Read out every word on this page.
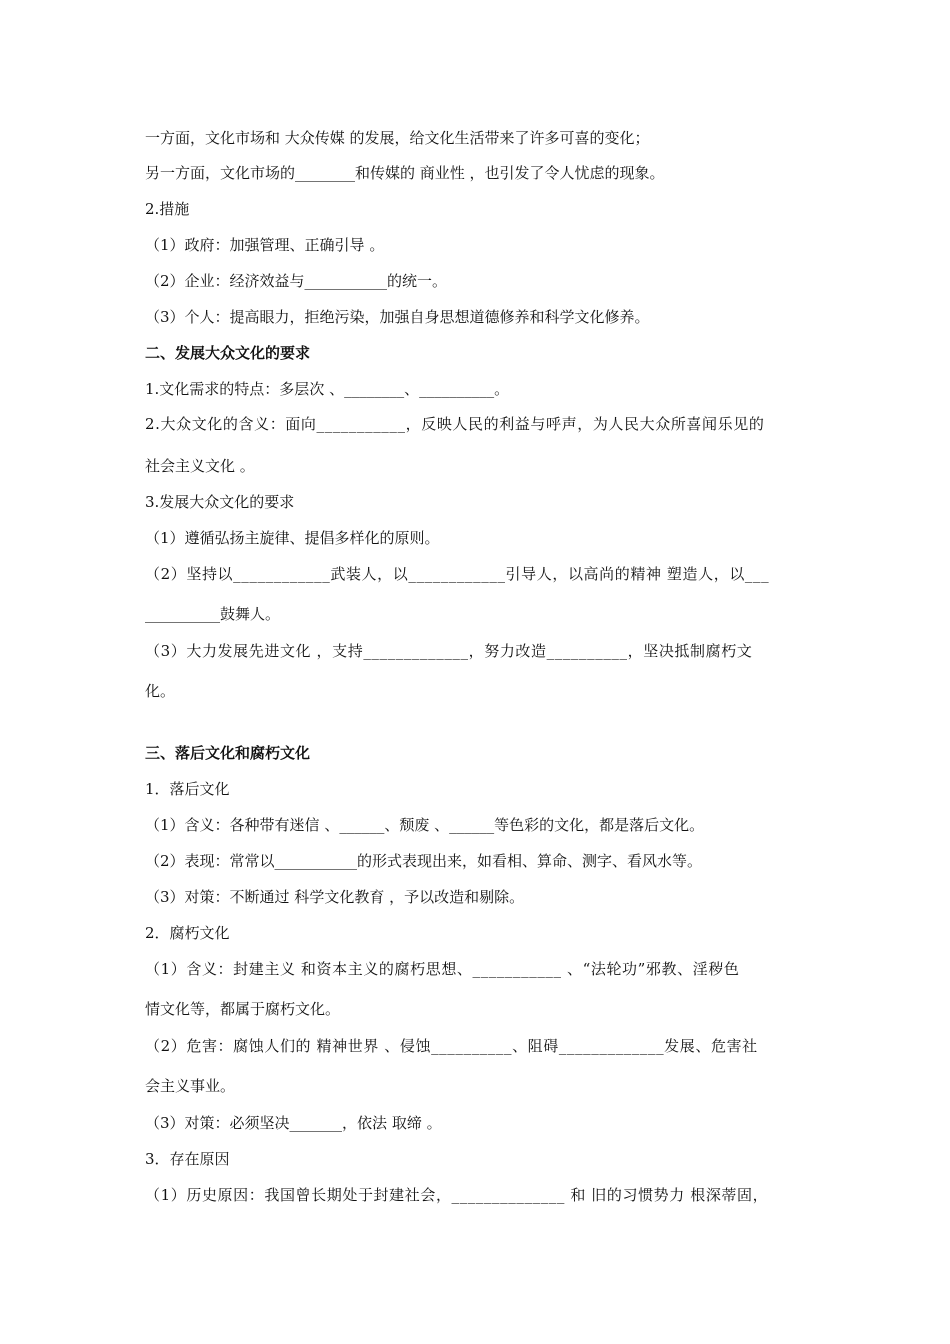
一方面，文化市场和 大众传媒 的发展，给文化生活带来了许多可喜的变化；
另一方面，文化市场的________和传媒的 商业性 ，也引发了令人忧虑的现象。
2.措施
（1）政府：加强管理、正确引导 。
（2）企业：经济效益与___________的统一。
（3）个人：提高眼力，拒绝污染，加强自身思想道德修养和科学文化修养。
二、发展大众文化的要求
1.文化需求的特点：多层次 、________、__________。
2.大众文化的含义：面向___________，反映人民的利益与呼声，为人民大众所喜闻乐见的
社会主义文化 。
3.发展大众文化的要求
（1）遵循弘扬主旋律、提倡多样化的原则。
（2）坚持以____________武装人，以____________引导人，以高尚的精神 塑造人，以___
__________鼓舞人。
（3）大力发展先进文化 ，支持_____________，努力改造__________，坚决抵制腐朽文
化。
三、落后文化和腐朽文化
1．落后文化
（1）含义：各种带有迷信 、______、颓废 、______等色彩的文化，都是落后文化。
（2）表现：常常以___________的形式表现出来，如看相、算命、测字、看风水等。
（3）对策：不断通过 科学文化教育 ，予以改造和剔除。
2．腐朽文化
（1）含义：封建主义 和资本主义的腐朽思想、___________ 、“法轮功”邪教、淫秽色
情文化等，都属于腐朽文化。
（2）危害：腐蚀人们的 精神世界 、侵蚀__________、阻碍_____________发展、危害社
会主义事业。
（3）对策：必须坚决_______，依法 取缔 。
3．存在原因
（1）历史原因：我国曾长期处于封建社会，______________ 和 旧的习惯势力 根深蒂固，
